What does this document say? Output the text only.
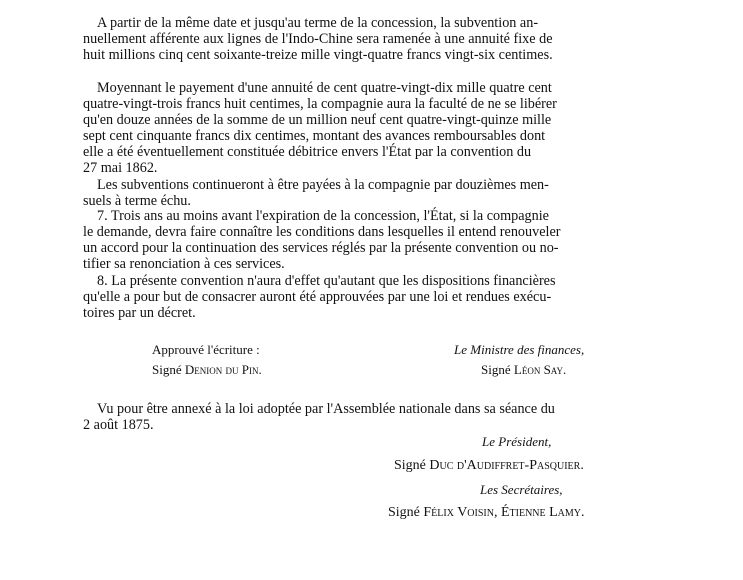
A partir de la même date et jusqu'au terme de la concession, la subvention an-
nuellement afférente aux lignes de l'Indo-Chine sera ramenée à une annuité fixe de
huit millions cinq cent soixante-treize mille vingt-quatre francs vingt-six centimes.

Moyennant le payement d'une annuité de cent quatre-vingt-dix mille quatre cent
quatre-vingt-trois francs huit centimes, la compagnie aura la faculté de ne se libérer
qu'en douze années de la somme de un million neuf cent quatre-vingt-quinze mille
sept cent cinquante francs dix centimes, montant des avances remboursables dont
elle a été éventuellement constituée débitrice envers l'État par la convention du
27 mai 1862.

Les subventions continueront à être payées à la compagnie par douzièmes men-
suels à terme échu.

7. Trois ans au moins avant l'expiration de la concession, l'État, si la compagnie
le demande, devra faire connaître les conditions dans lesquelles il entend renouveler
un accord pour la continuation des services réglés par la présente convention ou no-
tifier sa renonciation à ces services.

8. La présente convention n'aura d'effet qu'autant que les dispositions financières
qu'elle a pour but de consacrer auront été approuvées par une loi et rendues exécu-
toires par un décret.

Approuvé l'écriture :
Signé Denion du Pin.
Le Ministre des finances,
Signé Léon Say.

Vu pour être annexé à la loi adoptée par l'Assemblée nationale dans sa séance du
2 août 1875.

Le Président,
Signé Duc d'Audiffret-Pasquier.
Les Secrétaires,
Signé Félix Voisin, Étienne Lamy.
